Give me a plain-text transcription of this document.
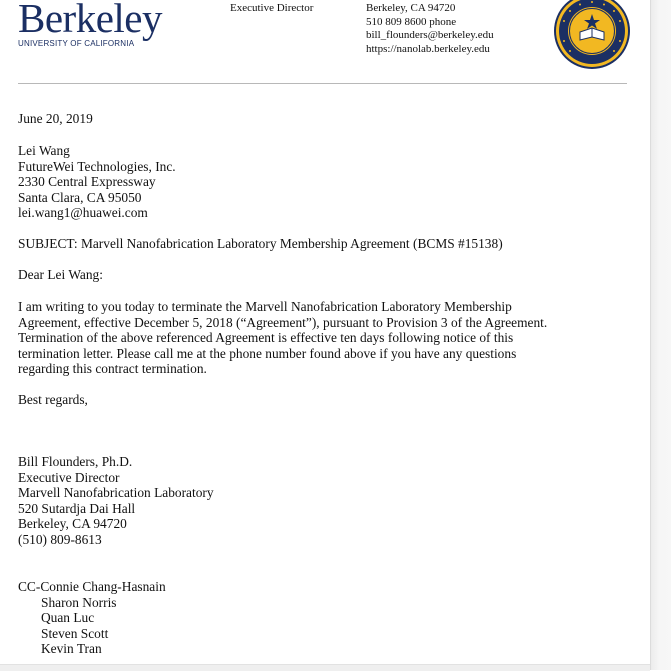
Berkeley
UNIVERSITY OF CALIFORNIA
Executive Director	Berkeley, CA 94720
510 809 8600 phone
bill_flounders@berkeley.edu
https://nanolab.berkeley.edu
June 20, 2019
Lei Wang
FutureWei Technologies, Inc.
2330 Central Expressway
Santa Clara, CA 95050
lei.wang1@huawei.com
SUBJECT: Marvell Nanofabrication Laboratory Membership Agreement (BCMS #15138)
Dear Lei Wang:
I am writing to you today to terminate the Marvell Nanofabrication Laboratory Membership
Agreement, effective December 5, 2018 (“Agreement”), pursuant to Provision 3 of the Agreement.
Termination of the above referenced Agreement is effective ten days following notice of this
termination letter. Please call me at the phone number found above if you have any questions
regarding this contract termination.
Best regards,
Bill Flounders, Ph.D.
Executive Director
Marvell Nanofabrication Laboratory
520 Sutardja Dai Hall
Berkeley, CA 94720
(510) 809-8613
CC-Connie Chang-Hasnain
Sharon Norris
Quan Luc
Steven Scott
Kevin Tran
